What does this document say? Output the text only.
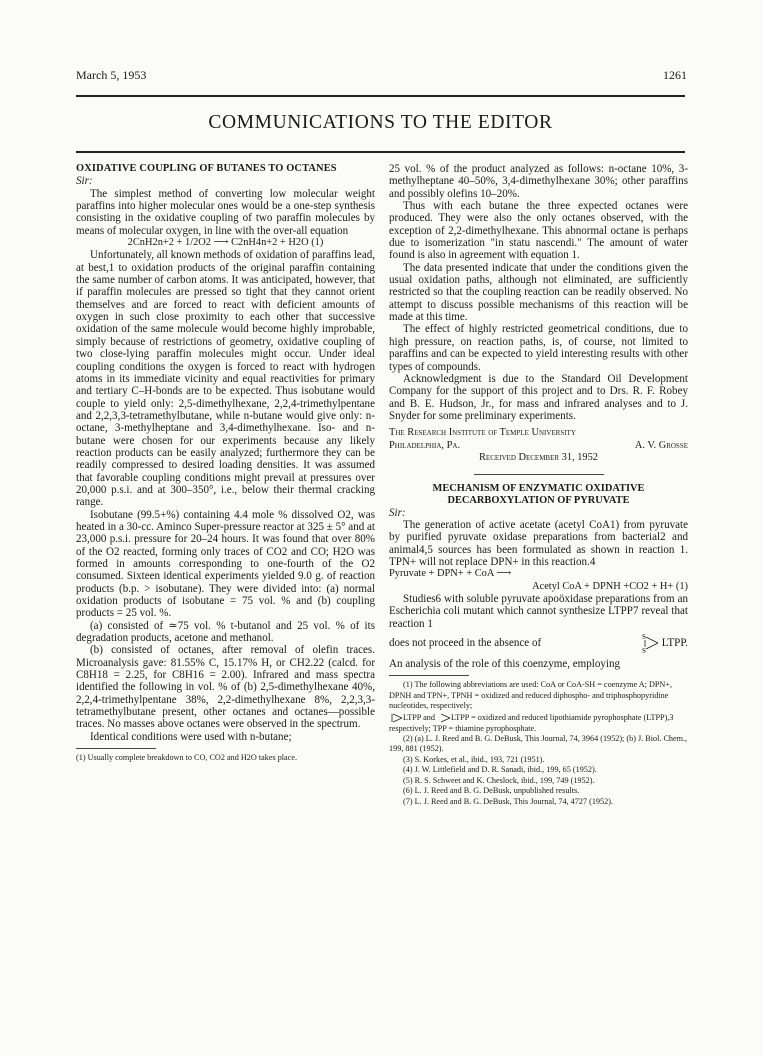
March 5, 1953	1261
COMMUNICATIONS TO THE EDITOR

OXIDATIVE COUPLING OF BUTANES TO OCTANES

Sir:

The simplest method of converting low molecular weight paraffins into higher molecular ones would be a one-step synthesis consisting in the oxidative coupling of two paraffin molecules by means of molecular oxygen, in line with the over-all equation

2CnH2n+2 + 1/2O2 ⟶ C2nH4n+2 + H2O (1)

Unfortunately, all known methods of oxidation of paraffins lead, at best,1 to oxidation products of the original paraffin containing the same number of carbon atoms. It was anticipated, however, that if paraffin molecules are pressed so tight that they cannot orient themselves and are forced to react with deficient amounts of oxygen in such close proximity to each other that successive oxidation of the same molecule would become highly improbable, simply because of restrictions of geometry, oxidative coupling of two close-lying paraffin molecules might occur. Under ideal coupling conditions the oxygen is forced to react with hydrogen atoms in its immediate vicinity and equal reactivities for primary and tertiary C–H-bonds are to be expected. Thus isobutane would couple to yield only: 2,5-dimethylhexane, 2,2,4-trimethylpentane and 2,2,3,3-tetramethylbutane, while n-butane would give only: n-octane, 3-methylheptane and 3,4-dimethylhexane. Iso- and n-butane were chosen for our experiments because any likely reaction products can be easily analyzed; furthermore they can be readily compressed to desired loading densities. It was assumed that favorable coupling conditions might prevail at pressures over 20,000 p.s.i. and at 300–350°, i.e., below their thermal cracking range.

Isobutane (99.5+%) containing 4.4 mole % dissolved O2, was heated in a 30-cc. Aminco Super-pressure reactor at 325 ± 5° and at 23,000 p.s.i. pressure for 20–24 hours. It was found that over 80% of the O2 reacted, forming only traces of CO2 and CO; H2O was formed in amounts corresponding to one-fourth of the O2 consumed. Sixteen identical experiments yielded 9.0 g. of reaction products (b.p. > isobutane). They were divided into: (a) normal oxidation products of isobutane = 75 vol. % and (b) coupling products = 25 vol. %.

(a) consisted of ≃75 vol. % t-butanol and 25 vol. % of its degradation products, acetone and methanol.

(b) consisted of octanes, after removal of olefin traces. Microanalysis gave: 81.55% C, 15.17% H, or CH2.22 (calcd. for C8H18 = 2.25, for C8H16 = 2.00). Infrared and mass spectra identified the following in vol. % of (b) 2,5-dimethylhexane 40%, 2,2,4-trimethylpentane 38%, 2,2-dimethylhexane 8%, 2,2,3,3-tetramethylbutane present, other octanes and octanes—possible traces. No masses above octanes were observed in the spectrum.

Identical conditions were used with n-butane;

(1) Usually complete breakdown to CO, CO2 and H2O takes place.

25 vol. % of the product analyzed as follows: n-octane 10%, 3-methylheptane 40–50%, 3,4-dimethylhexane 30%; other paraffins and possibly olefins 10–20%.

Thus with each butane the three expected octanes were produced. They were also the only octanes observed, with the exception of 2,2-dimethylhexane. This abnormal octane is perhaps due to isomerization "in statu nascendi." The amount of water found is also in agreement with equation 1.

The data presented indicate that under the conditions given the usual oxidation paths, although not eliminated, are sufficiently restricted so that the coupling reaction can be readily observed. No attempt to discuss possible mechanisms of this reaction will be made at this time.

The effect of highly restricted geometrical conditions, due to high pressure, on reaction paths, is, of course, not limited to paraffins and can be expected to yield interesting results with other types of compounds.

Acknowledgment is due to the Standard Oil Development Company for the support of this project and to Drs. R. F. Robey and B. E. Hudson, Jr., for mass and infrared analyses and to J. Snyder for some preliminary experiments.

The Research Institute of Temple University

Philadelphia, Pa.	A. V. Grosse

Received December 31, 1952

MECHANISM OF ENZYMATIC OXIDATIVE

DECARBOXYLATION OF PYRUVATE

Sir:

The generation of active acetate (acetyl CoA1) from pyruvate by purified pyruvate oxidase preparations from bacterial2 and animal4,5 sources has been formulated as shown in reaction 1. TPN+ will not replace DPN+ in this reaction.4

Pyruvate + DPN+ + CoA ⟶

Acetyl CoA + DPNH +CO2 + H+ (1)

Studies6 with soluble pyruvate apoöxidase preparations from an Escherichia coli mutant which cannot synthesize LTPP7 reveal that reaction 1

does not proceed in the absence of	S
S
LTPP.

An analysis of the role of this coenzyme, employing

(1) The following abbreviations are used: CoA or CoA-SH = coenzyme A; DPN+, DPNH and TPN+, TPNH = oxidized and reduced diphospho- and triphosphopyridine nucleotides, respectively;

LTPP and LTPP = oxidized and reduced lipothiamide pyrophosphate (LTPP),3 respectively; TPP = thiamine pyrophosphate.

(2) (a) L. J. Reed and B. G. DeBusk, This Journal, 74, 3964 (1952); (b) J. Biol. Chem., 199, 881 (1952).

(3) S. Korkes, et al., ibid., 193, 721 (1951).

(4) J. W. Littlefield and D. R. Sanadi, ibid., 199, 65 (1952).

(5) R. S. Schweet and K. Cheslock, ibid., 199, 749 (1952).

(6) L. J. Reed and B. G. DeBusk, unpublished results.

(7) L. J. Reed and B. G. DeBusk, This Journal, 74, 4727 (1952).
